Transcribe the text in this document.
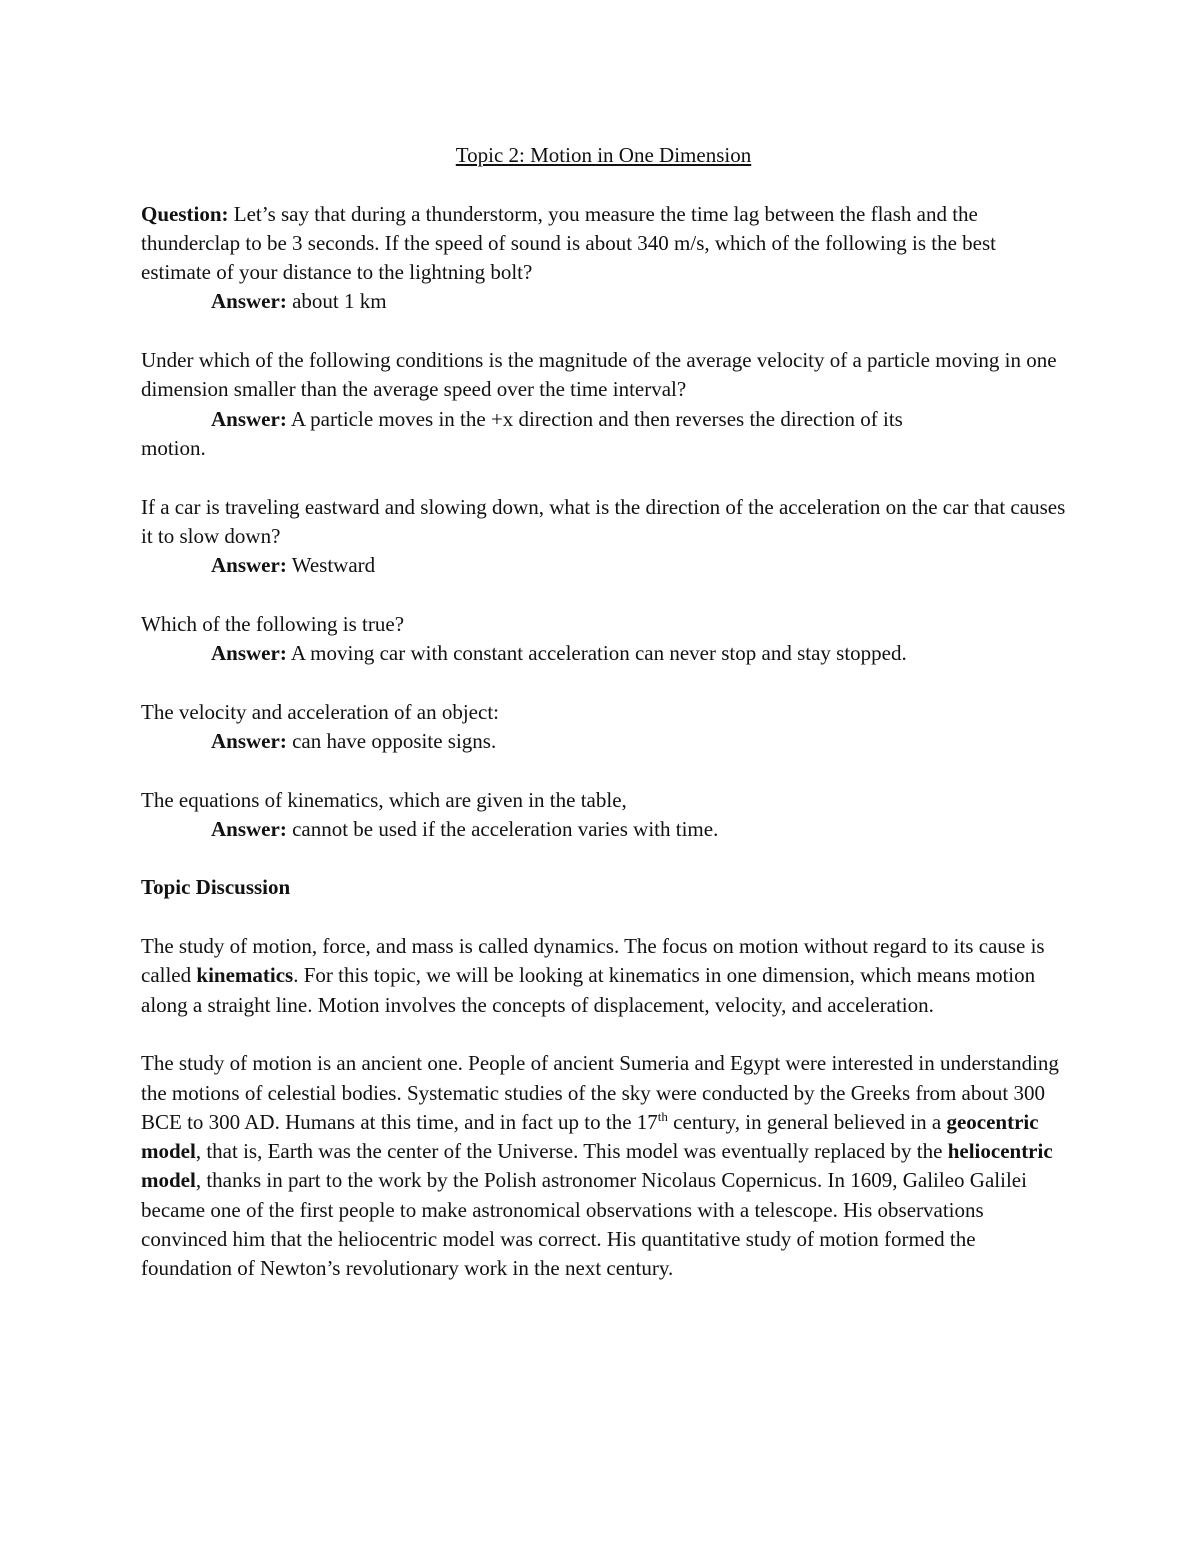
Topic 2: Motion in One Dimension
Question: Let’s say that during a thunderstorm, you measure the time lag between the flash and the thunderclap to be 3 seconds. If the speed of sound is about 340 m/s, which of the following is the best estimate of your distance to the lightning bolt?
Answer: about 1 km
Under which of the following conditions is the magnitude of the average velocity of a particle moving in one dimension smaller than the average speed over the time interval?
Answer: A particle moves in the +x direction and then reverses the direction of its
motion.
If a car is traveling eastward and slowing down, what is the direction of the acceleration on the car that causes it to slow down?
Answer: Westward
Which of the following is true?
Answer: A moving car with constant acceleration can never stop and stay stopped.
The velocity and acceleration of an object:
Answer: can have opposite signs.
The equations of kinematics, which are given in the table,
Answer: cannot be used if the acceleration varies with time.
Topic Discussion

The study of motion, force, and mass is called dynamics. The focus on motion without regard to its cause is called kinematics. For this topic, we will be looking at kinematics in one dimension, which means motion along a straight line. Motion involves the concepts of displacement, velocity, and acceleration.

The study of motion is an ancient one. People of ancient Sumeria and Egypt were interested in understanding the motions of celestial bodies. Systematic studies of the sky were conducted by the Greeks from about 300 BCE to 300 AD. Humans at this time, and in fact up to the 17th century, in general believed in a geocentric model, that is, Earth was the center of the Universe. This model was eventually replaced by the heliocentric model, thanks in part to the work by the Polish astronomer Nicolaus Copernicus. In 1609, Galileo Galilei became one of the first people to make astronomical observations with a telescope. His observations convinced him that the heliocentric model was correct. His quantitative study of motion formed the foundation of Newton’s revolutionary work in the next century.
